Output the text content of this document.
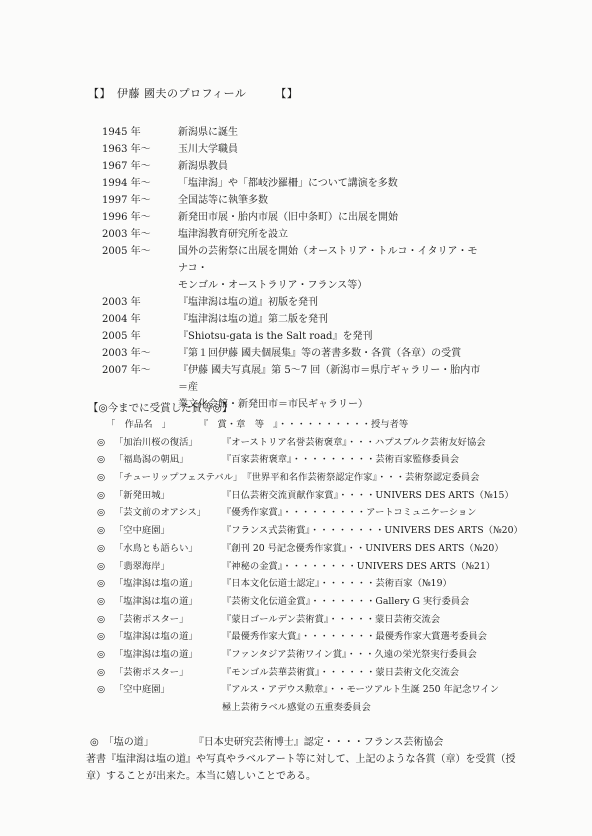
【】　伊藤 國夫のプロフィール　　　【】
1945 年	新潟県に誕生
1963 年～	玉川大学職員
1967 年～	新潟県教員
1994 年～	「塩津潟」や「都岐沙羅柵」について講演を多数
1997 年～	全国誌等に執筆多数
1996 年～	新発田市展・胎内市展（旧中条町）に出展を開始
2003 年～	塩津潟教育研究所を設立
2005 年～	国外の芸術祭に出展を開始（オーストリア・トルコ・イタリア・モナコ・
モンゴル・オーストラリア・フランス等）
2003 年	『塩津潟は塩の道』初版を発刊
2004 年	『塩津潟は塩の道』第二版を発刊
2005 年	『Shiotsu-gata is the Salt road』を発刊
2003 年～	『第１回伊藤 國夫個展集』等の著書多数・各賞（各章）の受賞
2007 年～	『伊藤 國夫写真展』第 5～7 回（新潟市＝県庁ギャラリー・胎内市＝産
業文化会館・新発田市＝市民ギャラリー）
【◎今までに受賞した賞等◎】
「　作品名　」　　　　『　賞・章　等　』・・・・・・・・・・授与者等
◎ 「加治川桜の復活」	『オーストリア名誉芸術褒章』・・・ハプスブルク芸術友好協会
◎ 「福島潟の朝凪」	『百家芸術褒章』・・・・・・・・・芸術百家監修委員会
◎ 「チューリップフェステバル」『世界平和名作芸術祭認定作家』・・・芸術祭認定委員会
◎ 「新発田城」	『日仏芸術交流貢献作家賞』・・・・UNIVERS DES ARTS（№15）
◎ 「芸文前のオアシス」 『優秀作家賞』・・・・・・・・・アートコミュニケーション
◎ 「空中庭園」	『フランス式芸術賞』・・・・・・・・UNIVERS DES ARTS（№20）
◎ 「水鳥とも語らい」	『創刊 20 号記念優秀作家賞』・・UNIVERS DES ARTS（№20）
◎ 「翡翠海岸」	『神秘の金賞』・・・・・・・・UNIVERS DES ARTS（№21）
◎ 「塩津潟は塩の道」	『日本文化伝道士認定』・・・・・・芸術百家（№19）
◎ 「塩津潟は塩の道」	『芸術文化伝道金賞』・・・・・・・Gallery G 実行委員会
◎ 「芸術ポスター」	『蒙日ゴールデン芸術賞』・・・・・蒙日芸術交流会
◎ 「塩津潟は塩の道」	『最優秀作家大賞』・・・・・・・・最優秀作家大賞選考委員会
◎ 「塩津潟は塩の道」	『ファンタジア芸術ワイン賞』・・・久遠の栄光祭実行委員会
◎ 「芸術ポスター」	『モンゴル芸華芸術賞』・・・・・・蒙日芸術文化交流会
◎ 「空中庭園」	『アルス・アデウス勲章』・・モーツアルト生誕 250 年記念ワイン
極上芸術ラベル感覚の五重奏委員会
◎　「塩の道」　　　　　『日本史研究芸術博士』認定・・・・フランス芸術協会
著書『塩津潟は塩の道』や写真やラベルアート等に対して、上記のような各賞（章）を受賞（授章）することが出来た。本当に嬉しいことである。
